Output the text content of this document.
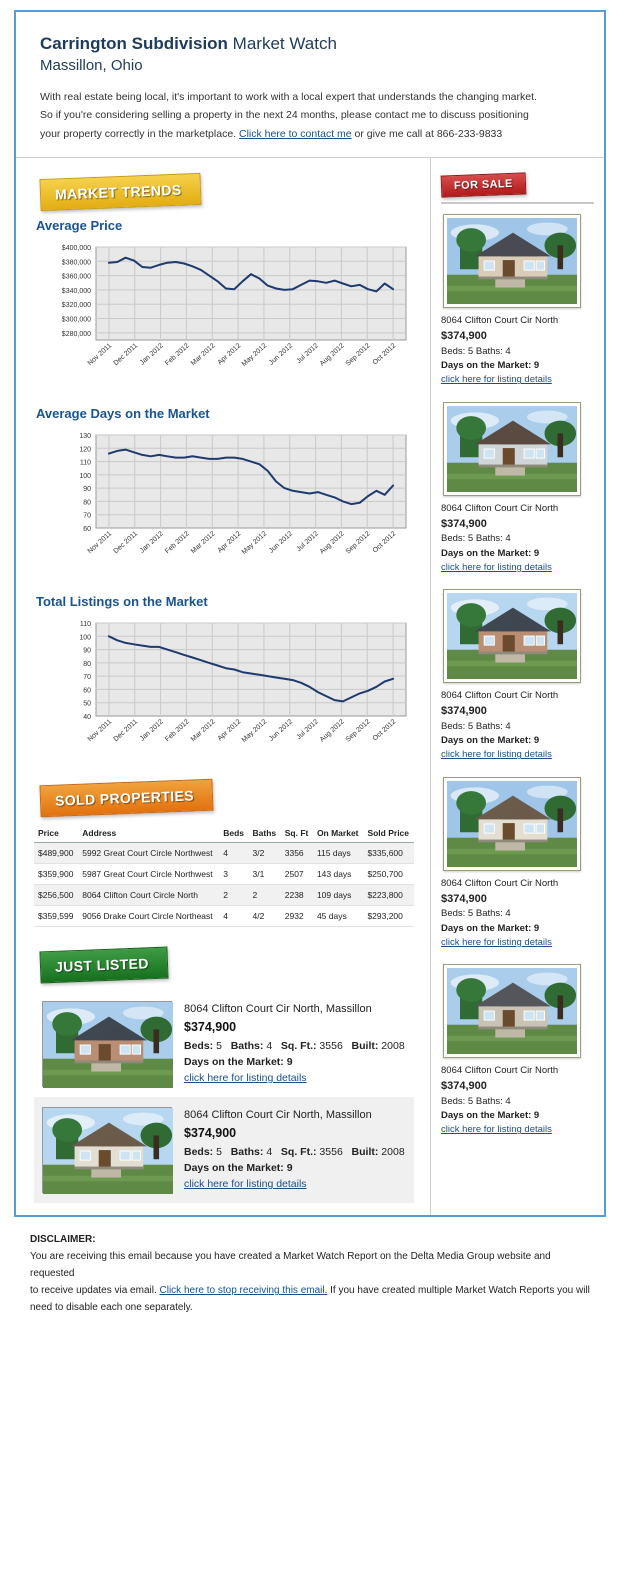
Carrington Subdivision Market Watch
Massillon, Ohio

With real estate being local, it's important to work with a local expert that understands the changing market.
So if you're considering selling a property in the next 24 months, please contact me to discuss positioning
your property correctly in the marketplace. Click here to contact me or give me call at 866-233-9833

MARKET TRENDS
Average Price
$280,000
$300,000
$320,000
$340,000
$360,000
$380,000
$400,000
Nov 2011 Dec 2011 Jan 2012 Feb 2012 Mar 2012 Apr 2012
May 2012 Jun 2012 Jul 2012
Aug 2012
Sep 2012 Oct 2012
Average Days on the Market
60
70
80
90
100
110
120
130
Nov 2011 Dec 2011 Jan 2012 Feb 2012 Mar 2012 Apr 2012
May 2012 Jun 2012 Jul 2012
Aug 2012
Sep 2012 Oct 2012
Total Listings on the Market
40
50
60
70
80
90
100
110
Nov 2011 Dec 2011 Jan 2012 Feb 2012 Mar 2012 Apr 2012
May 2012 Jun 2012 Jul 2012
Aug 2012
Sep 2012 Oct 2012
SOLD PROPERTIES
Price	Address	Beds	Baths	Sq. Ft	On Market	Sold Price
$489,900	5992 Great Court Circle Northwest	4	3/2	3356	115 days	$335,600
$359,900	5987 Great Court Circle Northwest	3	3/1	2507	143 days	$250,700
$256,500	8064 Clifton Court Circle North	2	2	2238	109 days	$223,800
$359,599	9056 Drake Court Circle Northeast	4	4/2	2932	45 days	$293,200
JUST LISTED
8064 Clifton Court Cir North, Massillon
$374,900
Beds: 5 Baths: 4 Sq. Ft.: 3556 Built: 2008
Days on the Market: 9
click here for listing details
8064 Clifton Court Cir North, Massillon
$374,900
Beds: 5 Baths: 4 Sq. Ft.: 3556 Built: 2008
Days on the Market: 9
click here for listing details
FOR SALE
8064 Clifton Court Cir North
$374,900
Beds: 5 Baths: 4
Days on the Market: 9
click here for listing details
8064 Clifton Court Cir North
$374,900
Beds: 5 Baths: 4
Days on the Market: 9
click here for listing details
8064 Clifton Court Cir North
$374,900
Beds: 5 Baths: 4
Days on the Market: 9
click here for listing details
8064 Clifton Court Cir North
$374,900
Beds: 5 Baths: 4
Days on the Market: 9
click here for listing details
8064 Clifton Court Cir North
$374,900
Beds: 5 Baths: 4
Days on the Market: 9
click here for listing details
DISCLAIMER:
You are receiving this email because you have created a Market Watch Report on the Delta Media Group website and requested
to receive updates via email. Click here to stop receiving this email. If you have created multiple Market Watch Reports you will
need to disable each one separately.
